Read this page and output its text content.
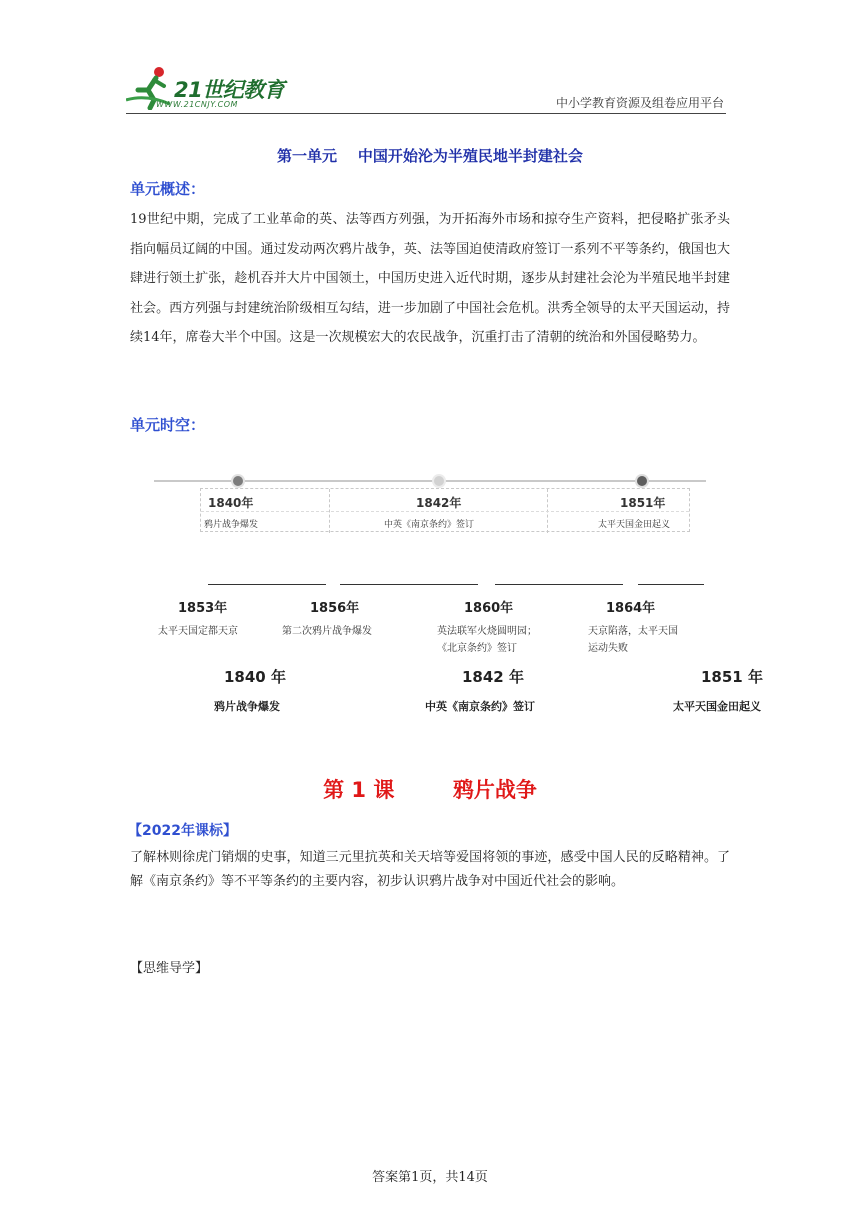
21世纪教育
WWW.21CNJY.COM	中小学教育资源及组卷应用平台
第一单元    中国开始沦为半殖民地半封建社会
单元概述：
19世纪中期，完成了工业革命的英、法等西方列强，为开拓海外市场和掠夺生产资料，把侵略扩张矛头指向幅员辽阔的中国。通过发动两次鸦片战争，英、法等国迫使清政府签订一系列不平等条约，俄国也大肆进行领土扩张，趁机吞并大片中国领土，中国历史进入近代时期，逐步从封建社会沦为半殖民地半封建社会。西方列强与封建统治阶级相互勾结，进一步加剧了中国社会危机。洪秀全领导的太平天国运动，持续14年，席卷大半个中国。这是一次规模宏大的农民战争，沉重打击了清朝的统治和外国侵略势力。
单元时空：
1840年
鸦片战争爆发
1842年
中英《南京条约》签订
1851年
太平天国金田起义
1853年
太平天国定都天京
1856年
第二次鸦片战争爆发
1860年
英法联军火烧圆明园；
《北京条约》签订
1864年
天京陷落，太平天国
运动失败
1840 年
鸦片战争爆发
1842 年
中英《南京条约》签订
1851 年
太平天国金田起义
第 1 课        鸦片战争
【2022年课标】
了解林则徐虎门销烟的史事，知道三元里抗英和关天培等爱国将领的事迹，感受中国人民的反略精神。了解《南京条约》等不平等条约的主要内容，初步认识鸦片战争对中国近代社会的影响。
【思维导学】
答案第1页，共14页
